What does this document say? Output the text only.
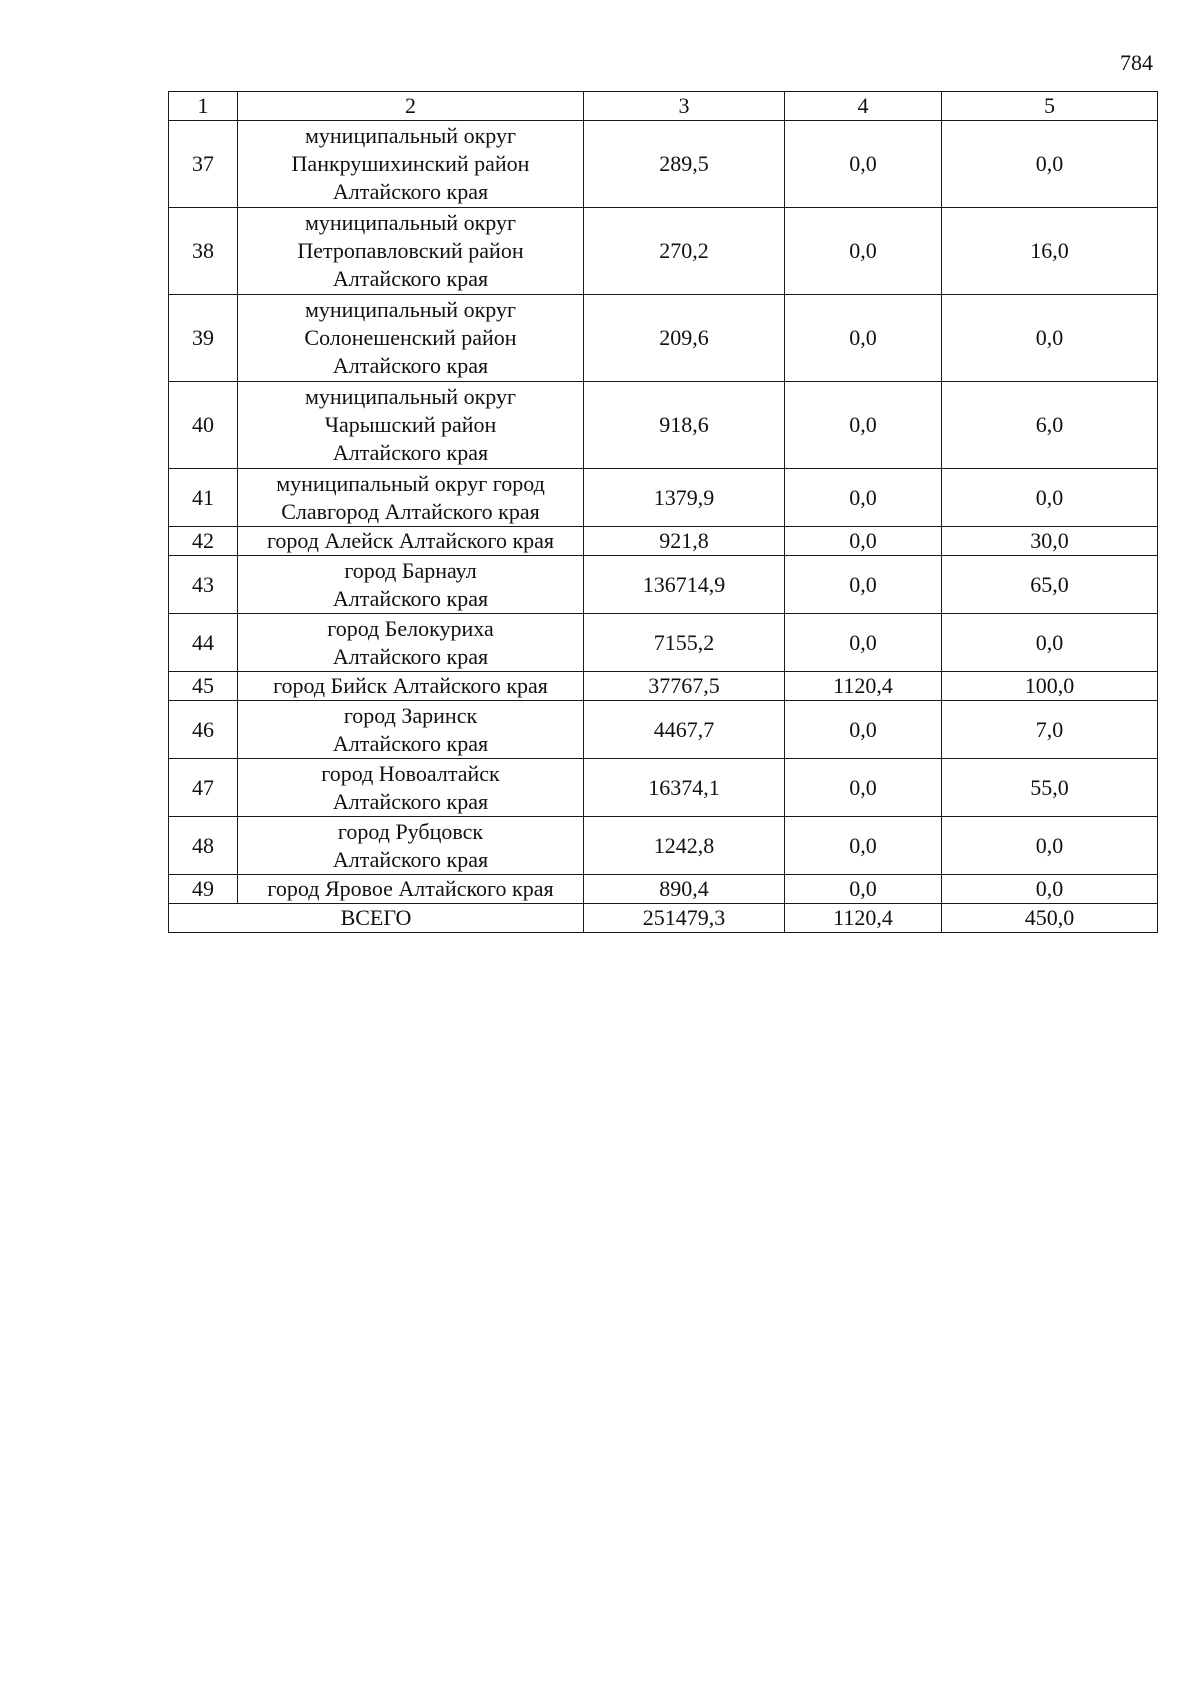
784
1	2	3	4	5
37	муниципальный округ
Панкрушихинский район
Алтайского края	289,5	0,0	0,0
38	муниципальный округ
Петропавловский район
Алтайского края	270,2	0,0	16,0
39	муниципальный округ
Солонешенский район
Алтайского края	209,6	0,0	0,0
40	муниципальный округ
Чарышский район
Алтайского края	918,6	0,0	6,0
41	муниципальный округ город
Славгород Алтайского края	1379,9	0,0	0,0
42	город Алейск Алтайского края	921,8	0,0	30,0
43	город Барнаул
Алтайского края	136714,9	0,0	65,0
44	город Белокуриха
Алтайского края	7155,2	0,0	0,0
45	город Бийск Алтайского края	37767,5	1120,4	100,0
46	город Заринск
Алтайского края	4467,7	0,0	7,0
47	город Новоалтайск
Алтайского края	16374,1	0,0	55,0
48	город Рубцовск
Алтайского края	1242,8	0,0	0,0
49	город Яровое Алтайского края	890,4	0,0	0,0
ВСЕГО		251479,3	1120,4	450,0
